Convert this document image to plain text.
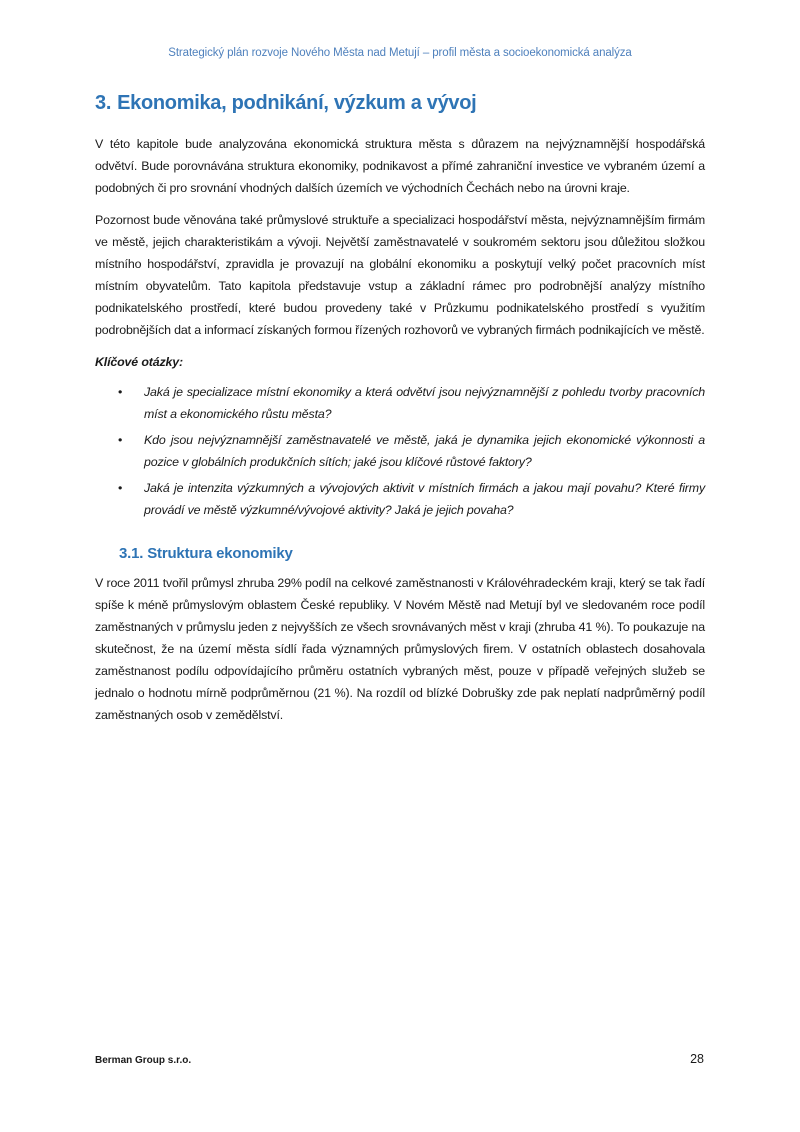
Strategický plán rozvoje Nového Města nad Metují – profil města a socioekonomická analýza
3. Ekonomika, podnikání, výzkum a vývoj

V této kapitole bude analyzována ekonomická struktura města s důrazem na nejvýznamnější hospodářská odvětví. Bude porovnávána struktura ekonomiky, podnikavost a přímé zahraniční investice ve vybraném území a podobných či pro srovnání vhodných dalších územích ve východních Čechách nebo na úrovni kraje.

Pozornost bude věnována také průmyslové struktuře a specializaci hospodářství města, nejvýznamnějším firmám ve městě, jejich charakteristikám a vývoji. Největší zaměstnavatelé v soukromém sektoru jsou důležitou složkou místního hospodářství, zpravidla je provazují na globální ekonomiku a poskytují velký počet pracovních míst místním obyvatelům. Tato kapitola představuje vstup a základní rámec pro podrobnější analýzy místního podnikatelského prostředí, které budou provedeny také v Průzkumu podnikatelského prostředí s využitím podrobnějších dat a informací získaných formou řízených rozhovorů ve vybraných firmách podnikajících ve městě.

Klíčové otázky:

• Jaká je specializace místní ekonomiky a která odvětví jsou nejvýznamnější z pohledu tvorby pracovních míst a ekonomického růstu města?
• Kdo jsou nejvýznamnější zaměstnavatelé ve městě, jaká je dynamika jejich ekonomické výkonnosti a pozice v globálních produkčních sítích; jaké jsou klíčové růstové faktory?
• Jaká je intenzita výzkumných a vývojových aktivit v místních firmách a jakou mají povahu? Které firmy provádí ve městě výzkumné/vývojové aktivity? Jaká je jejich povaha?
3.1. Struktura ekonomiky

V roce 2011 tvořil průmysl zhruba 29% podíl na celkové zaměstnanosti v Královéhradeckém kraji, který se tak řadí spíše k méně průmyslovým oblastem České republiky. V Novém Městě nad Metují byl ve sledovaném roce podíl zaměstnaných v průmyslu jeden z nejvyšších ze všech srovnávaných měst v kraji (zhruba 41 %). To poukazuje na skutečnost, že na území města sídlí řada významných průmyslových firem. V ostatních oblastech dosahovala zaměstnanost podílu odpovídajícího průměru ostatních vybraných měst, pouze v případě veřejných služeb se jednalo o hodnotu mírně podprůměrnou (21 %). Na rozdíl od blízké Dobrušky zde pak neplatí nadprůměrný podíl zaměstnaných osob v zemědělství.

Berman Group s.r.o.	28
